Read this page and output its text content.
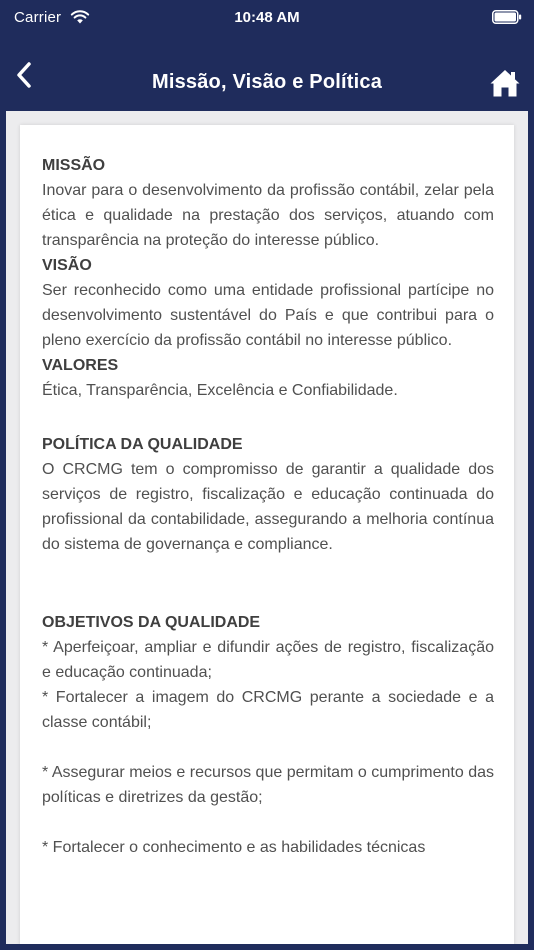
Carrier	10:48 AM
Missão, Visão e Política
MISSÃO

Inovar para o desenvolvimento da profissão contábil, zelar pela ética e qualidade na prestação dos serviços, atuando com transparência na proteção do interesse público.

VISÃO

Ser reconhecido como uma entidade profissional partícipe no desenvolvimento sustentável do País e que contribui para o pleno exercício da profissão contábil no interesse público.

VALORES

Ética, Transparência, Excelência e Confiabilidade.

POLÍTICA DA QUALIDADE

O CRCMG tem o compromisso de garantir a qualidade dos serviços de registro, fiscalização e educação continuada do profissional da contabilidade, assegurando a melhoria contínua do sistema de governança e compliance.

OBJETIVOS DA QUALIDADE

* Aperfeiçoar, ampliar e difundir ações de registro, fiscalização e educação continuada;

* Fortalecer a imagem do CRCMG perante a sociedade e a classe contábil;

* Assegurar meios e recursos que permitam o cumprimento das políticas e diretrizes da gestão;

* Fortalecer o conhecimento e as habilidades técnicas
